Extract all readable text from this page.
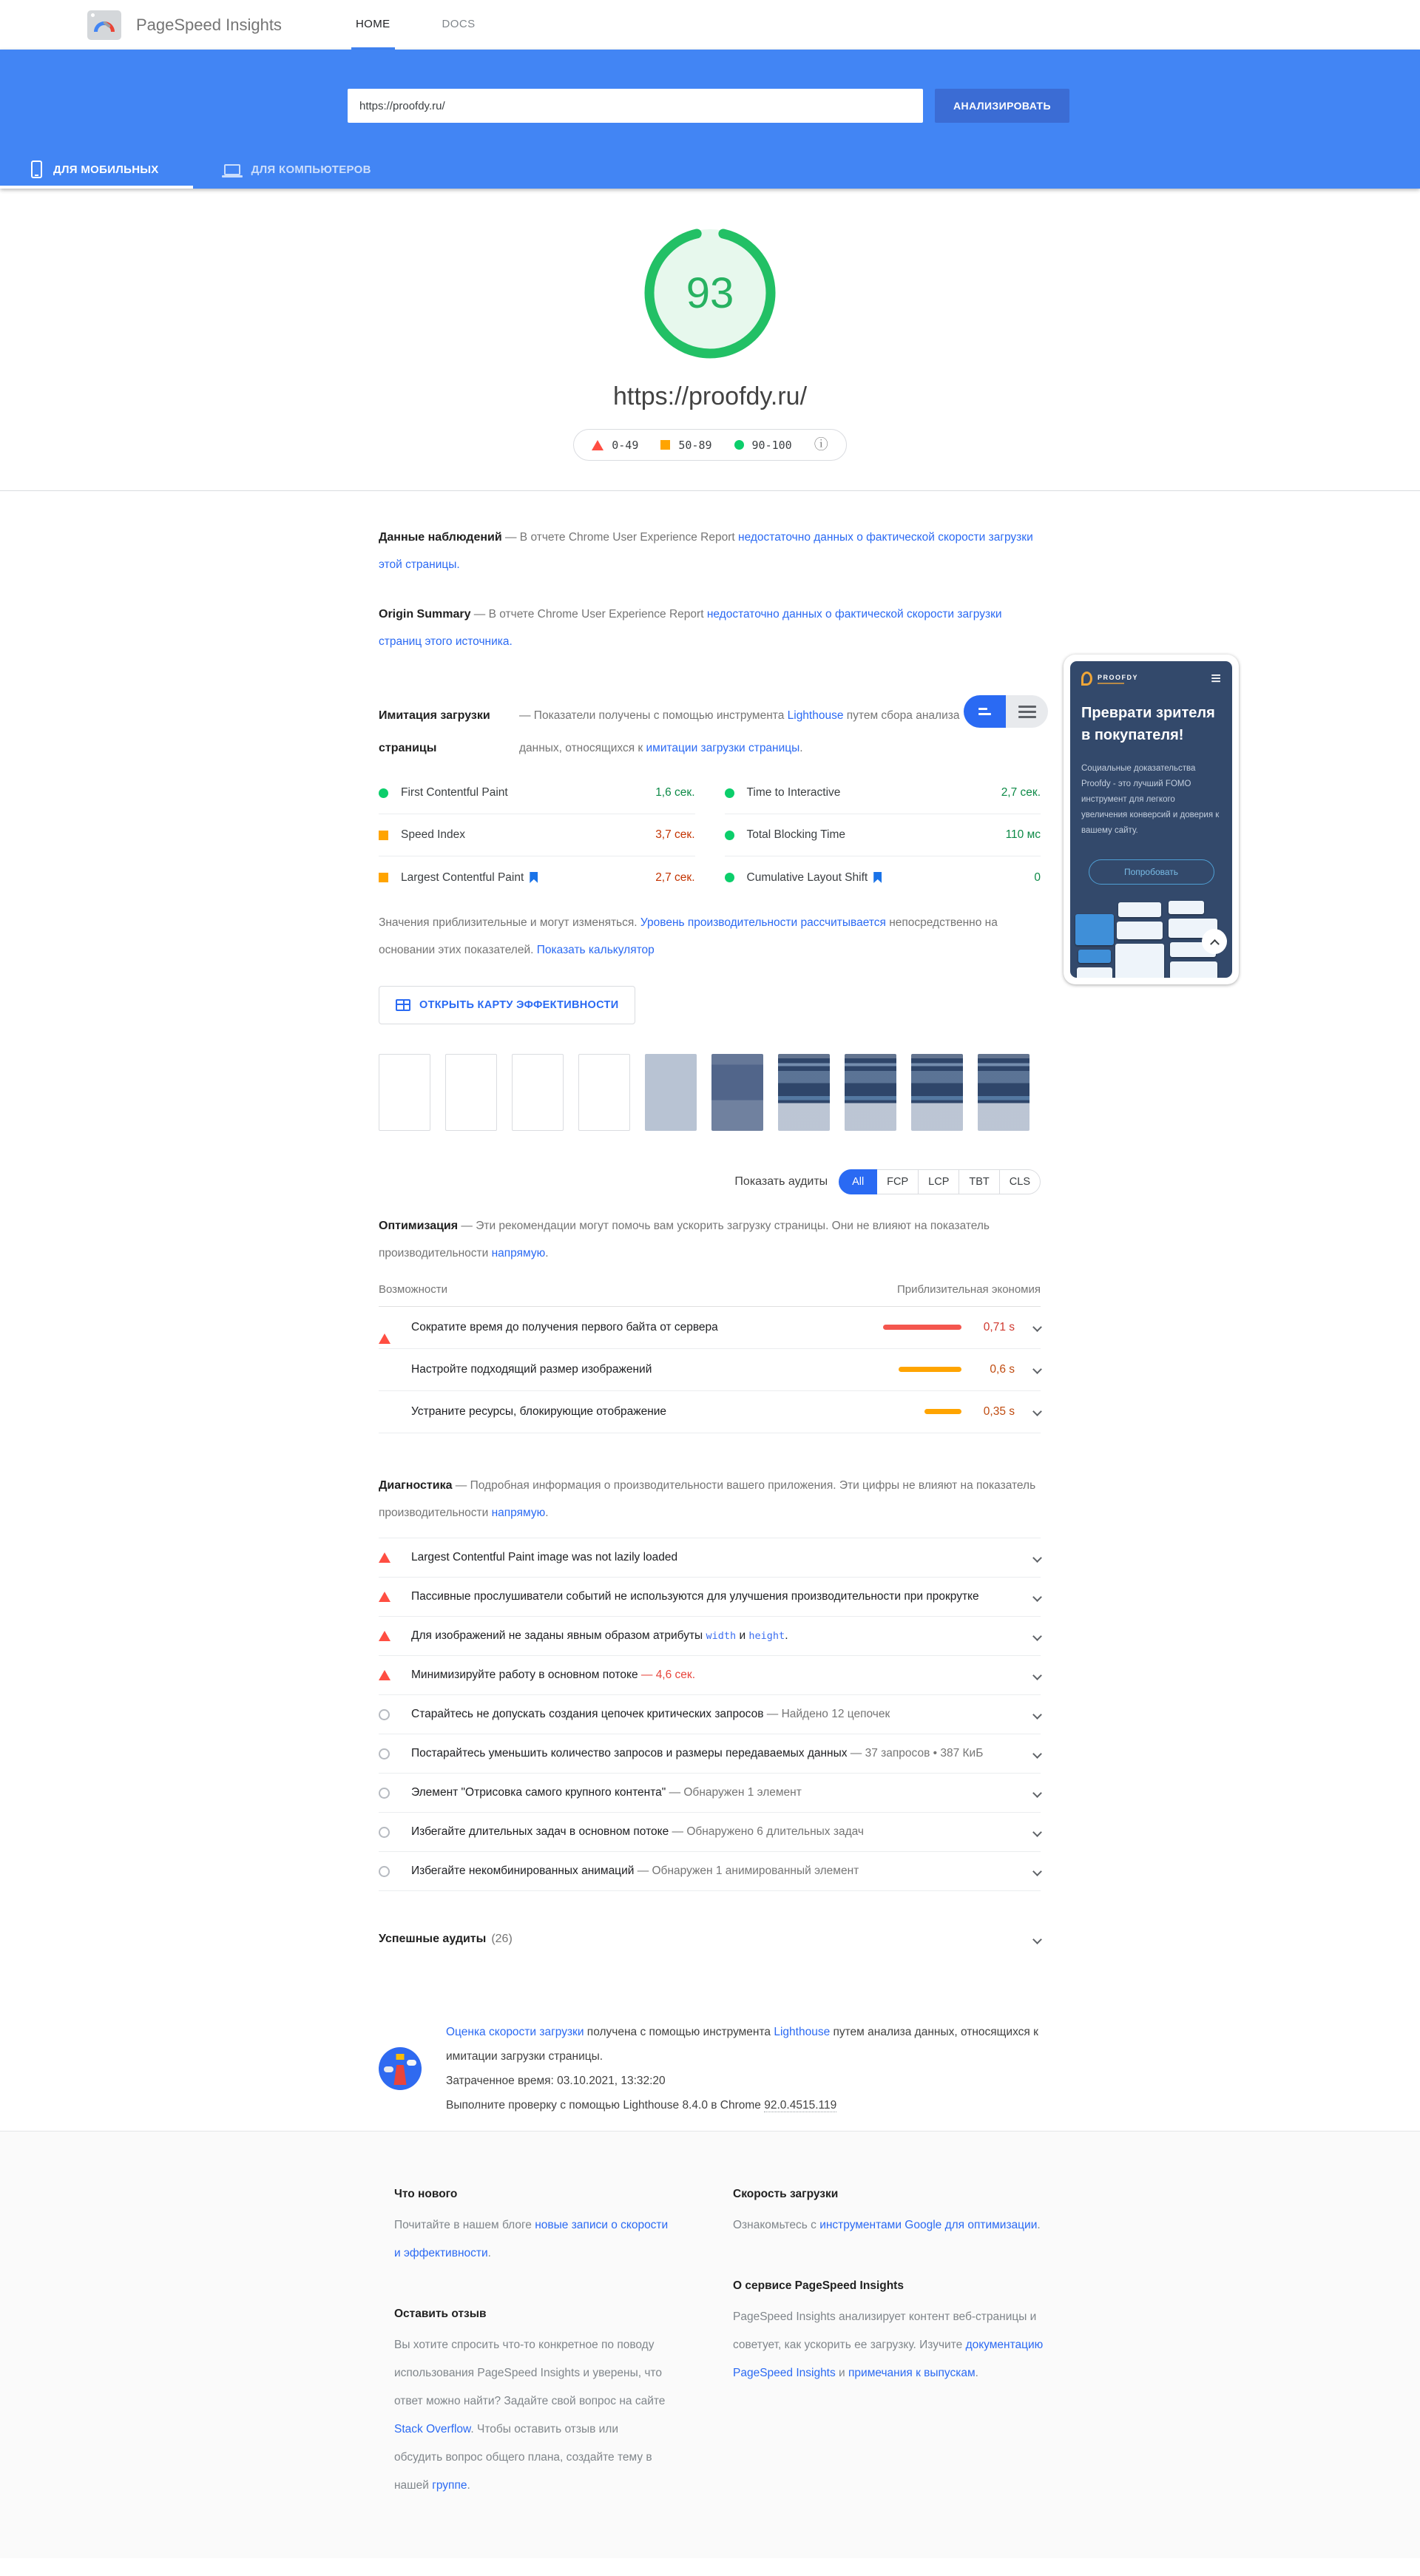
PageSpeed Insights	HOME	DOCS
https://proofdy.ru/
АНАЛИЗИРОВАТЬ
ДЛЯ МОБИЛЬНЫХ	ДЛЯ КОМПЬЮТЕРОВ
93
https://proofdy.ru/
0-49	50-89	90-100 ⓘ

Данные наблюдений — В отчете Chrome User Experience Report недостаточно данных о фактической скорости загрузки этой страницы.

Origin Summary — В отчете Chrome User Experience Report недостаточно данных о фактической скорости загрузки страниц этого источника.

Имитация загрузки страницы
— Показатели получены с помощью инструмента Lighthouse путем сбора анализа данных, относящихся к имитации загрузки страницы.
First Contentful Paint	1,6 сек.	Time to Interactive	2,7 сек.
Speed Index	3,7 сек.	Total Blocking Time	110 мс
Largest Contentful Paint	2,7 сек.	Cumulative Layout Shift	0

Значения приблизительные и могут изменяться. Уровень производительности рассчитывается непосредственно на основании этих показателей. Показать калькулятор

ОТКРЫТЬ КАРТУ ЭФФЕКТИВНОСТИ
Показать аудиты	All	FCP	LCP	TBT	CLS

Оптимизация — Эти рекомендации могут помочь вам ускорить загрузку страницы. Они не влияют на показатель производительности напрямую.

Возможности	Приблизительная экономия
Сократите время до получения первого байта от сервера	0,71 s
Настройте подходящий размер изображений	0,6 s
Устраните ресурсы, блокирующие отображение	0,35 s

Диагностика — Подробная информация о производительности вашего приложения. Эти цифры не влияют на показатель производительности напрямую.

Largest Contentful Paint image was not lazily loaded
Пассивные прослушиватели событий не используются для улучшения производительности при прокрутке
Для изображений не заданы явным образом атрибуты width и height.
Минимизируйте работу в основном потоке — 4,6 сек.
Старайтесь не допускать создания цепочек критических запросов — Найдено 12 цепочек
Постарайтесь уменьшить количество запросов и размеры передаваемых данных — 37 запросов • 387 КиБ
Элемент "Отрисовка самого крупного контента" — Обнаружен 1 элемент
Избегайте длительных задач в основном потоке — Обнаружено 6 длительных задач
Избегайте некомбинированных анимаций — Обнаружен 1 анимированный элемент
Успешные аудиты (26)
Оценка скорости загрузки получена с помощью инструмента Lighthouse путем анализа данных, относящихся к имитации загрузки страницы.
Затраченное время: 03.10.2021, 13:32:20
Выполните проверку с помощью Lighthouse 8.4.0 в Chrome 92.0.4515.119
PROOFDY	≡
Преврати зрителя в покупателя!
Социальные доказательства Proofdy - это лучший FOMO инструмент для легкого увеличения конверсий и доверия к вашему сайту.
Попробовать
Что нового
Почитайте в нашем блоге новые записи о скорости и эффективности.
Оставить отзыв
Вы хотите спросить что-то конкретное по поводу использования PageSpeed Insights и уверены, что ответ можно найти? Задайте свой вопрос на сайте Stack Overflow. Чтобы оставить отзыв или обсудить вопрос общего плана, создайте тему в нашей группе.
Скорость загрузки
Ознакомьтесь с инструментами Google для оптимизации.
О сервисе PageSpeed Insights
PageSpeed Insights анализирует контент веб-страницы и советует, как ускорить ее загрузку. Изучите документацию PageSpeed Insights и примечания к выпускам.
